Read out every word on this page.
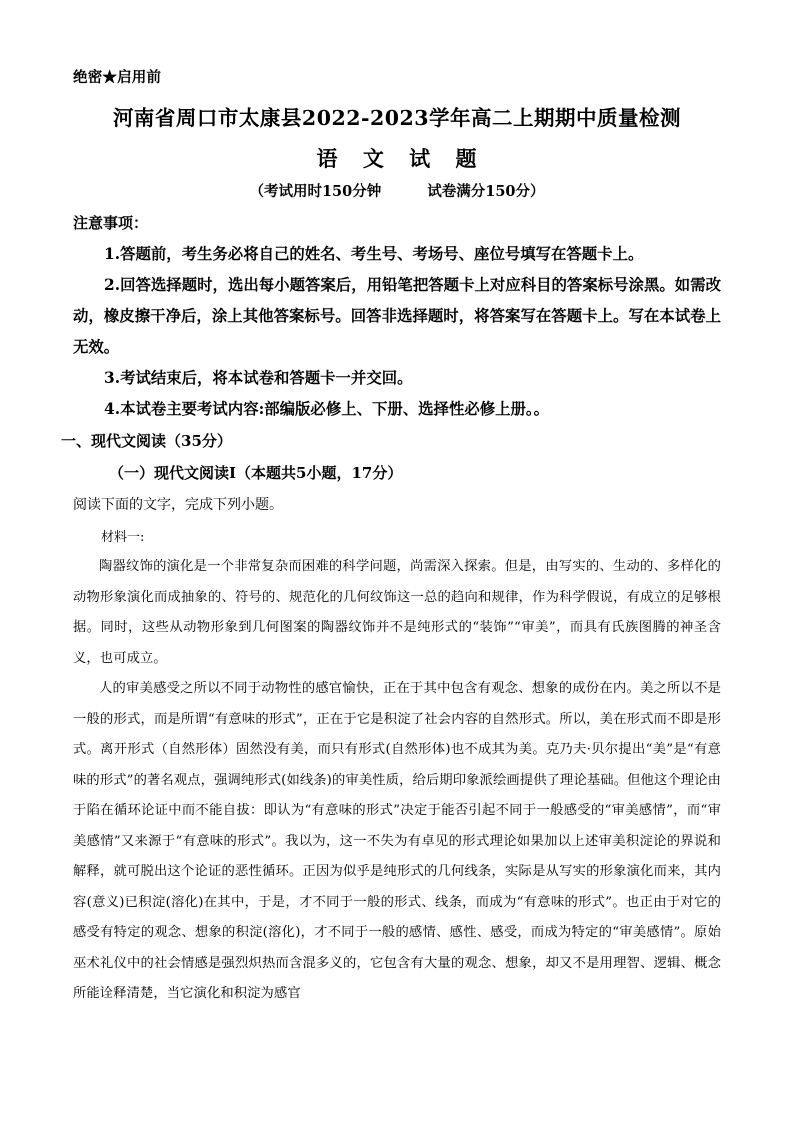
绝密★启用前
河南省周口市太康县2022-2023学年高二上期期中质量检测
语 文 试 题
（考试用时150分钟	试卷满分150分）
注意事项：
1.答题前，考生务必将自己的姓名、考生号、考场号、座位号填写在答题卡上。
2.回答选择题时，选出每小题答案后，用铅笔把答题卡上对应科目的答案标号涂黑。如需改动，橡皮擦干净后，涂上其他答案标号。回答非选择题时，将答案写在答题卡上。写在本试卷上无效。
3.考试结束后，将本试卷和答题卡一并交回。
4.本试卷主要考试内容:部编版必修上、下册、选择性必修上册。。
一、现代文阅读（35分）
（一）现代文阅读Ⅰ（本题共5小题，17分）
阅读下面的文字，完成下列小题。
材料一:
陶器纹饰的演化是一个非常复杂而困难的科学问题，尚需深入探索。但是，由写实的、生动的、多样化的动物形象演化而成抽象的、符号的、规范化的几何纹饰这一总的趋向和规律，作为科学假说，有成立的足够根据。同时，这些从动物形象到几何图案的陶器纹饰并不是纯形式的“装饰”“审美”，而具有氏族图腾的神圣含义，也可成立。
人的审美感受之所以不同于动物性的感官愉快，正在于其中包含有观念、想象的成份在内。美之所以不是一般的形式，而是所谓“有意味的形式”，正在于它是积淀了社会内容的自然形式。所以，美在形式而不即是形式。离开形式（自然形体）固然没有美，而只有形式(自然形体)也不成其为美。克乃夫·贝尔提出“美”是“有意味的形式”的著名观点，强调纯形式(如线条)的审美性质，给后期印象派绘画提供了理论基础。但他这个理论由于陷在循环论证中而不能自拔：即认为“有意味的形式”决定于能否引起不同于一般感受的“审美感情”，而“审美感情”又来源于“有意味的形式”。我以为，这一不失为有卓见的形式理论如果加以上述审美积淀论的界说和解释，就可脱出这个论证的恶性循环。正因为似乎是纯形式的几何线条，实际是从写实的形象演化而来，其内容(意义)已积淀(溶化)在其中，于是，才不同于一般的形式、线条，而成为“有意味的形式”。也正由于对它的感受有特定的观念、想象的积淀(溶化)，才不同于一般的感情、感性、感受，而成为特定的“审美感情”。原始巫术礼仪中的社会情感是强烈炽热而含混多义的，它包含有大量的观念、想象，却又不是用理智、逻辑、概念所能诠释清楚，当它演化和积淀为感官
